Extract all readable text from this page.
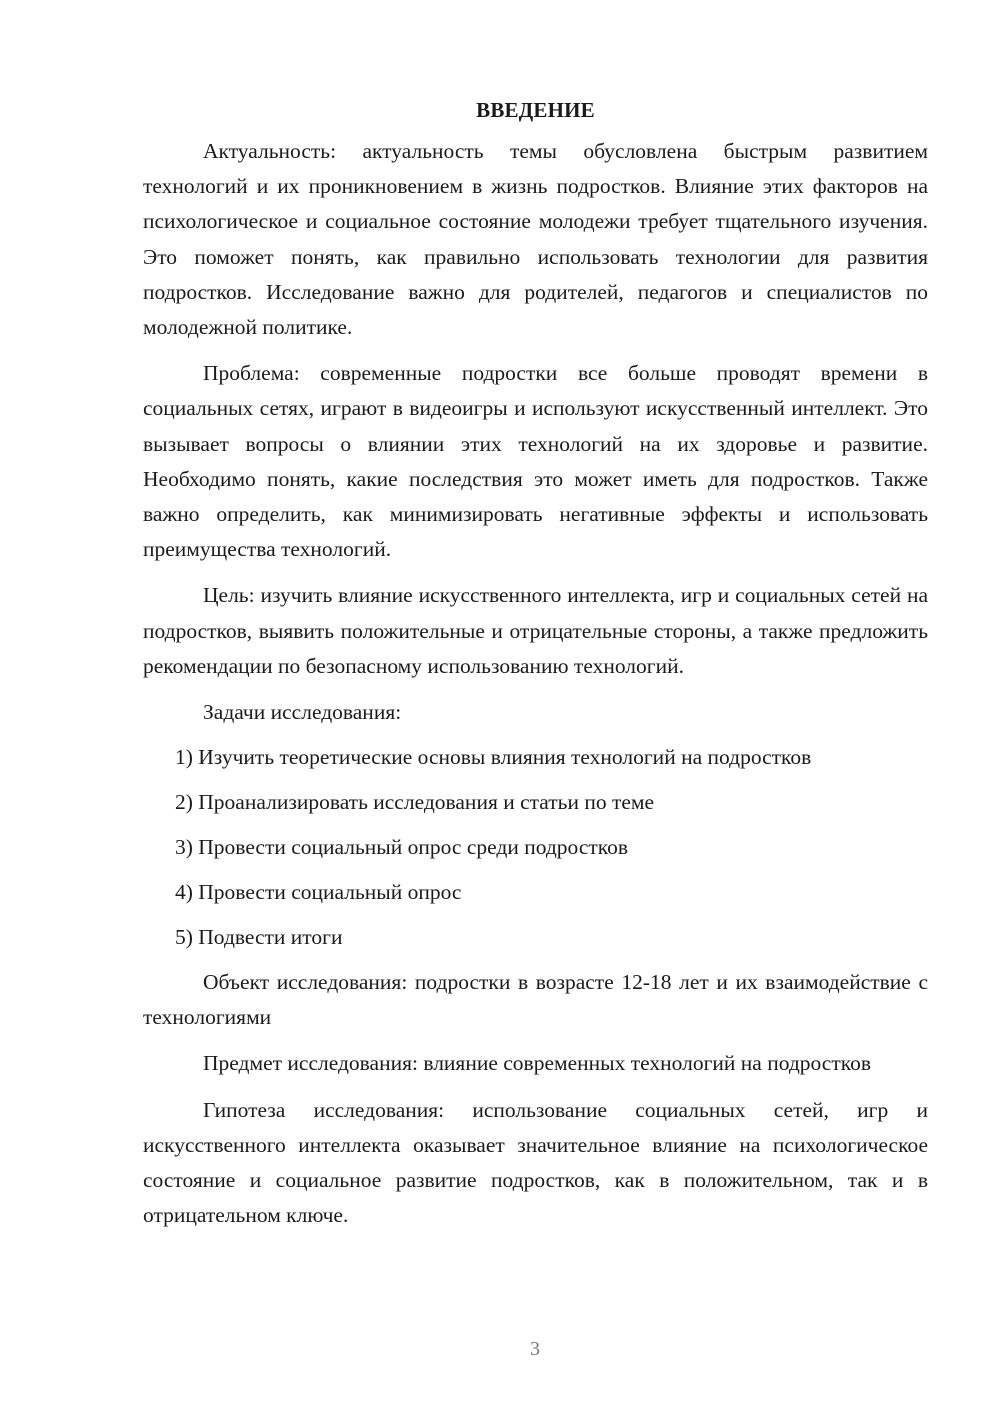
ВВЕДЕНИЕ

Актуальность: актуальность темы обусловлена быстрым развитием технологий и их проникновением в жизнь подростков. Влияние этих факторов на психологическое и социальное состояние молодежи требует тщательного изучения. Это поможет понять, как правильно использовать технологии для развития подростков. Исследование важно для родителей, педагогов и специалистов по молодежной политике.

Проблема: современные подростки все больше проводят времени в социальных сетях, играют в видеоигры и используют искусственный интеллект. Это вызывает вопросы о влиянии этих технологий на их здоровье и развитие. Необходимо понять, какие последствия это может иметь для подростков. Также важно определить, как минимизировать негативные эффекты и использовать преимущества технологий.

Цель: изучить влияние искусственного интеллекта, игр и социальных сетей на подростков, выявить положительные и отрицательные стороны, а также предложить рекомендации по безопасному использованию технологий.

Задачи исследования:
1) Изучить теоретические основы влияния технологий на подростков
2) Проанализировать исследования и статьи по теме
3) Провести социальный опрос среди подростков
4) Провести социальный опрос
5) Подвести итоги

Объект исследования: подростки в возрасте 12-18 лет и их взаимодействие с технологиями

Предмет исследования: влияние современных технологий на подростков

Гипотеза исследования: использование социальных сетей, игр и искусственного интеллекта оказывает значительное влияние на психологическое состояние и социальное развитие подростков, как в положительном, так и в отрицательном ключе.

3
